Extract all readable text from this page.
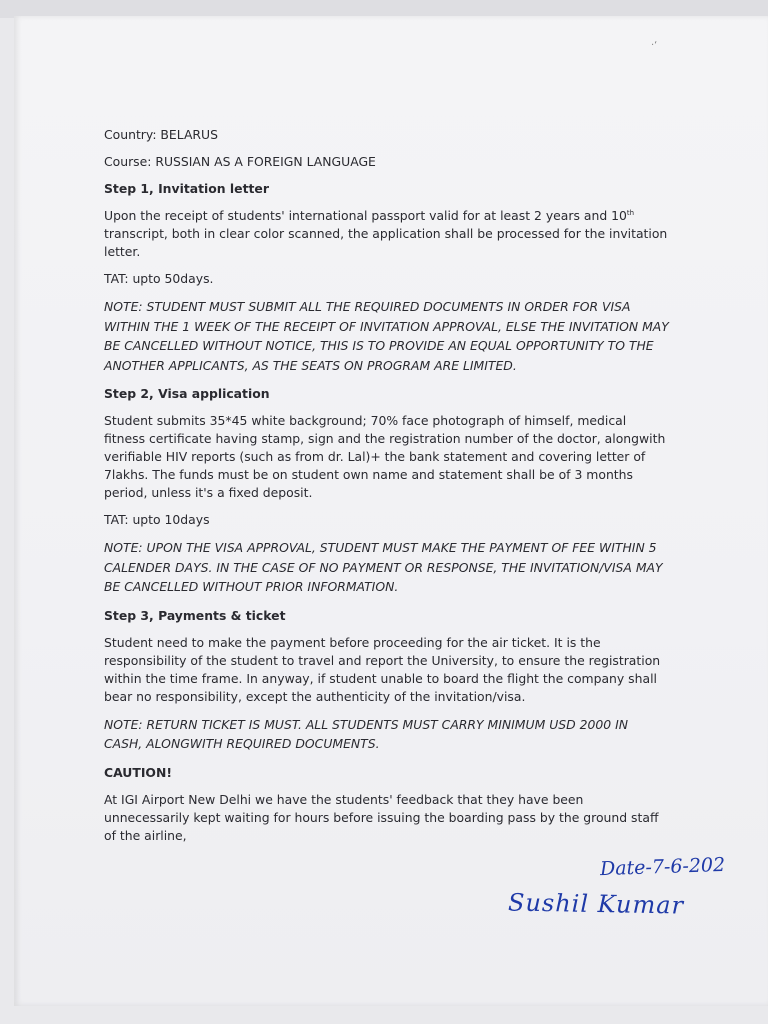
·‘
Country: BELARUS
Course: RUSSIAN AS A FOREIGN LANGUAGE
Step 1, Invitation letter

Upon the receipt of students' international passport valid for at least 2 years and 10th transcript, both in clear color scanned, the application shall be processed for the invitation letter.

TAT: upto 50days.

NOTE: STUDENT MUST SUBMIT ALL THE REQUIRED DOCUMENTS IN ORDER FOR VISA WITHIN THE 1 WEEK OF THE RECEIPT OF INVITATION APPROVAL, ELSE THE INVITATION MAY BE CANCELLED WITHOUT NOTICE, THIS IS TO PROVIDE AN EQUAL OPPORTUNITY TO THE ANOTHER APPLICANTS, AS THE SEATS ON PROGRAM ARE LIMITED.

Step 2, Visa application

Student submits 35*45 white background; 70% face photograph of himself, medical fitness certificate having stamp, sign and the registration number of the doctor, alongwith verifiable HIV reports (such as from dr. Lal)+ the bank statement and covering letter of 7lakhs. The funds must be on student own name and statement shall be of 3 months period, unless it's a fixed deposit.

TAT: upto 10days

NOTE: UPON THE VISA APPROVAL, STUDENT MUST MAKE THE PAYMENT OF FEE WITHIN 5 CALENDER DAYS. IN THE CASE OF NO PAYMENT OR RESPONSE, THE INVITATION/VISA MAY BE CANCELLED WITHOUT PRIOR INFORMATION.

Step 3, Payments & ticket

Student need to make the payment before proceeding for the air ticket. It is the responsibility of the student to travel and report the University, to ensure the registration within the time frame. In anyway, if student unable to board the flight the company shall bear no responsibility, except the authenticity of the invitation/visa.

NOTE: RETURN TICKET IS MUST. ALL STUDENTS MUST CARRY MINIMUM USD 2000 IN CASH, ALONGWITH REQUIRED DOCUMENTS.

CAUTION!

At IGI Airport New Delhi we have the students' feedback that they have been unnecessarily kept waiting for hours before issuing the boarding pass by the ground staff of the airline,

Date-7-6-202
Sushil Kumar
